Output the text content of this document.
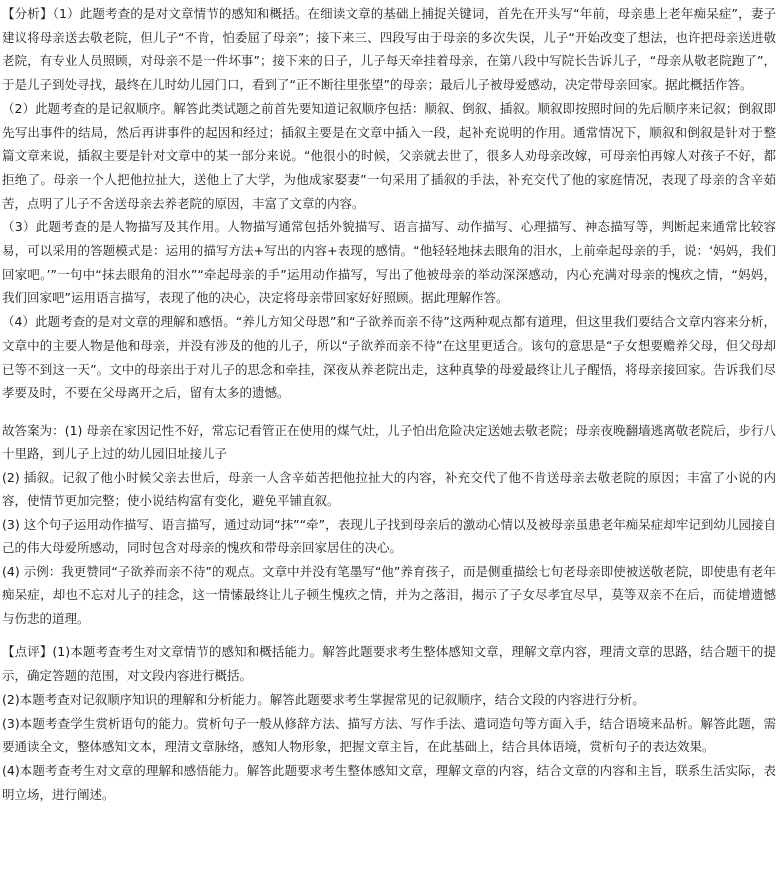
【分析】（1）此题考查的是对文章情节的感知和概括。在细读文章的基础上捕捉关键词，首先在开头写“年前，母亲患上老年痴呆症”，妻子建议将母亲送去敬老院，但儿子“不肯，怕委屈了母亲”；接下来三、四段写由于母亲的多次失误，儿子“开始改变了想法，也许把母亲送进敬老院，有专业人员照顾，对母亲不是一件坏事”；接下来的日子，儿子每天牵挂着母亲，在第八段中写院长告诉儿子，“母亲从敬老院跑了”，于是儿子到处寻找，最终在儿时幼儿园门口，看到了“正不断往里张望”的母亲；最后儿子被母爱感动，决定带母亲回家。据此概括作答。

（2）此题考查的是记叙顺序。解答此类试题之前首先要知道记叙顺序包括：顺叙、倒叙、插叙。顺叙即按照时间的先后顺序来记叙；倒叙即先写出事件的结局，然后再讲事件的起因和经过；插叙主要是在文章中插入一段，起补充说明的作用。通常情况下，顺叙和倒叙是针对于整篇文章来说，插叙主要是针对文章中的某一部分来说。“他很小的时候，父亲就去世了，很多人劝母亲改嫁，可母亲怕再嫁人对孩子不好，都拒绝了。母亲一个人把他拉扯大，送他上了大学，为他成家娶妻”一句采用了插叙的手法，补充交代了他的家庭情况，表现了母亲的含辛茹苦，点明了儿子不舍送母亲去养老院的原因，丰富了文章的内容。

（3）此题考查的是人物描写及其作用。人物描写通常包括外貌描写、语言描写、动作描写、心理描写、神态描写等，判断起来通常比较容易，可以采用的答题模式是：运用的描写方法+写出的内容+表现的感情。“他轻轻地抹去眼角的泪水，上前牵起母亲的手，说：‘妈妈，我们回家吧。’”一句中“抹去眼角的泪水”“牵起母亲的手”运用动作描写，写出了他被母亲的举动深深感动，内心充满对母亲的愧疚之情，“妈妈，我们回家吧”运用语言描写，表现了他的决心，决定将母亲带回家好好照顾。据此理解作答。

（4）此题考查的是对文章的理解和感悟。“养儿方知父母恩”和“子欲养而亲不待”这两种观点都有道理，但这里我们要结合文章内容来分析，文章中的主要人物是他和母亲，并没有涉及的他的儿子，所以“子欲养而亲不待”在这里更适合。该句的意思是“子女想要赡养父母，但父母却已等不到这一天”。文中的母亲出于对儿子的思念和牵挂，深夜从养老院出走，这种真挚的母爱最终让儿子醒悟，将母亲接回家。告诉我们尽孝要及时，不要在父母离开之后，留有太多的遗憾。

故答案为：(1) 母亲在家因记性不好，常忘记看管正在使用的煤气灶，儿子怕出危险决定送她去敬老院；母亲夜晚翻墙逃离敬老院后，步行八十里路，到儿子上过的幼儿园旧址接儿子

(2) 插叙。记叙了他小时候父亲去世后，母亲一人含辛茹苦把他拉扯大的内容，补充交代了他不肯送母亲去敬老院的原因；丰富了小说的内容，使情节更加完整；使小说结构富有变化，避免平铺直叙。

(3) 这个句子运用动作描写、语言描写，通过动词“抹”“牵”，表现儿子找到母亲后的激动心情以及被母亲虽患老年痴呆症却牢记到幼儿园接自己的伟大母爱所感动，同时包含对母亲的愧疚和带母亲回家居住的决心。

(4) 示例：我更赞同“子欲养而亲不待”的观点。文章中并没有笔墨写“他”养育孩子，而是侧重描绘七旬老母亲即使被送敬老院，即使患有老年痴呆症，却也不忘对儿子的挂念，这一情愫最终让儿子顿生愧疚之情，并为之落泪，揭示了子女尽孝宜尽早，莫等双亲不在后，而徒增遗憾与伤悲的道理。

【点评】(1)本题考查考生对文章情节的感知和概括能力。解答此题要求考生整体感知文章，理解文章内容，理清文章的思路，结合题干的提示，确定答题的范围，对文段内容进行概括。

(2)本题考查对记叙顺序知识的理解和分析能力。解答此题要求考生掌握常见的记叙顺序，结合文段的内容进行分析。

(3)本题考查学生赏析语句的能力。赏析句子一般从修辞方法、描写方法、写作手法、遣词造句等方面入手，结合语境来品析。解答此题，需要通读全文，整体感知文本，理清文章脉络，感知人物形象，把握文章主旨，在此基础上，结合具体语境，赏析句子的表达效果。

(4)本题考查考生对文章的理解和感悟能力。解答此题要求考生整体感知文章，理解文章的内容，结合文章的内容和主旨，联系生活实际，表明立场，进行阐述。
